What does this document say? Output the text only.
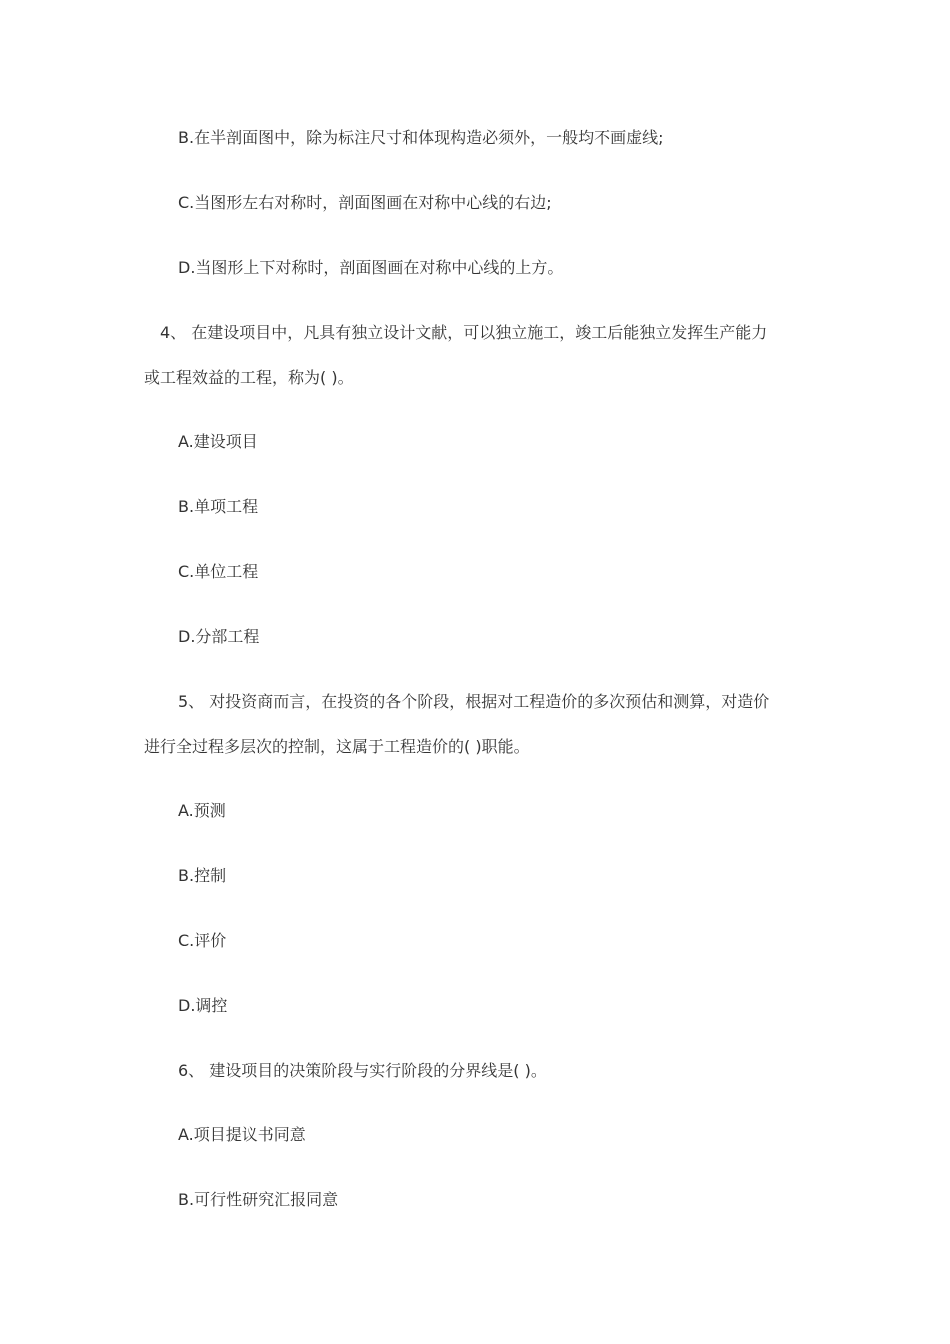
B.在半剖面图中，除为标注尺寸和体现构造必须外，一般均不画虚线;

C.当图形左右对称时，剖面图画在对称中心线的右边;

D.当图形上下对称时，剖面图画在对称中心线的上方。

4、 在建设项目中，凡具有独立设计文献，可以独立施工，竣工后能独立发挥生产能力

或工程效益的工程，称为( )。

A.建设项目

B.单项工程

C.单位工程

D.分部工程

5、 对投资商而言，在投资的各个阶段，根据对工程造价的多次预估和测算，对造价

进行全过程多层次的控制，这属于工程造价的( )职能。

A.预测

B.控制

C.评价

D.调控

6、 建设项目的决策阶段与实行阶段的分界线是( )。

A.项目提议书同意

B.可行性研究汇报同意
